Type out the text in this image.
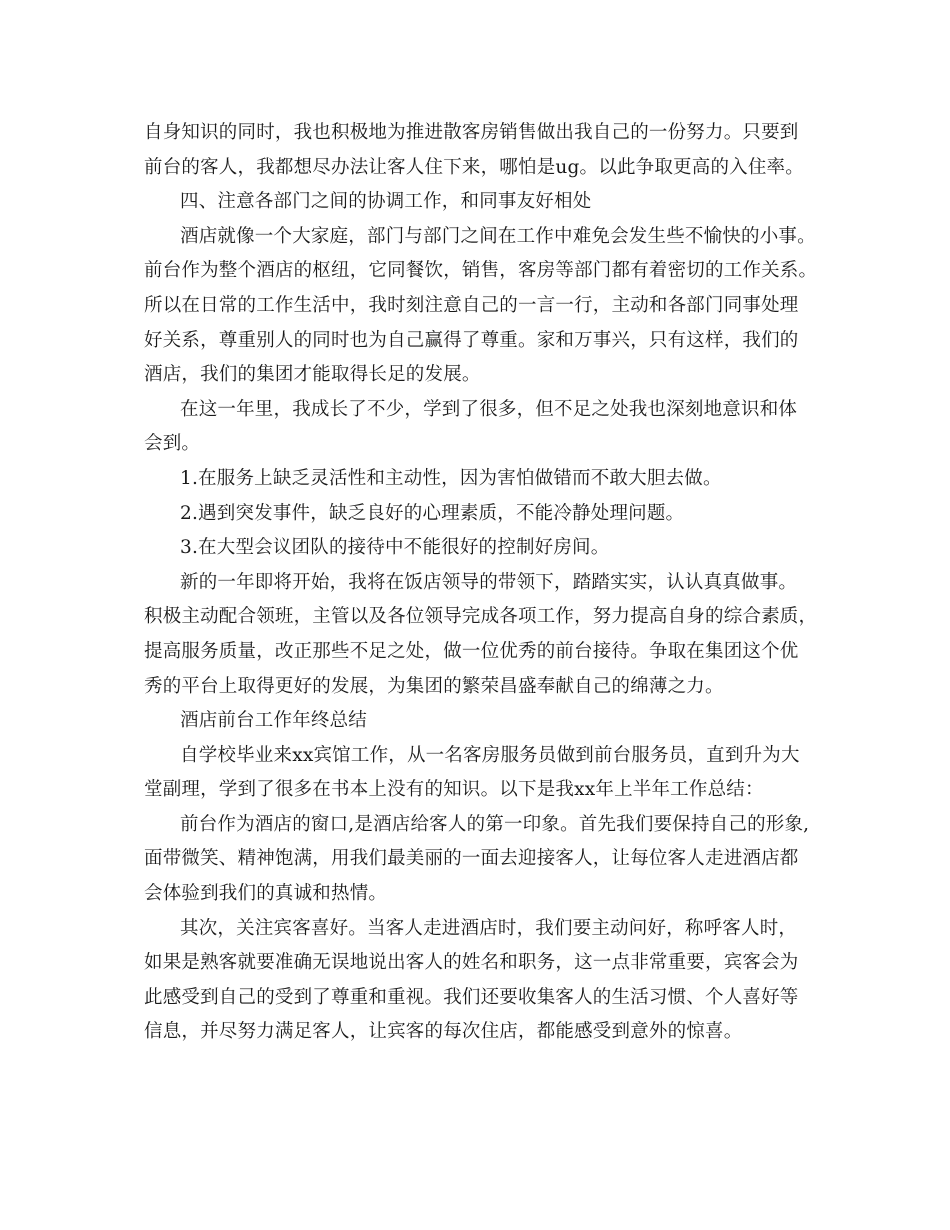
自身知识的同时，我也积极地为推进散客房销售做出我自己的一份努力。只要到
前台的客人，我都想尽办法让客人住下来，哪怕是ug。以此争取更高的入住率。
四、注意各部门之间的协调工作，和同事友好相处
酒店就像一个大家庭，部门与部门之间在工作中难免会发生些不愉快的小事。
前台作为整个酒店的枢纽，它同餐饮，销售，客房等部门都有着密切的工作关系。
所以在日常的工作生活中，我时刻注意自己的一言一行，主动和各部门同事处理
好关系，尊重别人的同时也为自己赢得了尊重。家和万事兴，只有这样，我们的
酒店，我们的集团才能取得长足的发展。
在这一年里，我成长了不少，学到了很多，但不足之处我也深刻地意识和体
会到。
1.在服务上缺乏灵活性和主动性，因为害怕做错而不敢大胆去做。
2.遇到突发事件，缺乏良好的心理素质，不能冷静处理问题。
3.在大型会议团队的接待中不能很好的控制好房间。
新的一年即将开始，我将在饭店领导的带领下，踏踏实实，认认真真做事。
积极主动配合领班，主管以及各位领导完成各项工作，努力提高自身的综合素质，
提高服务质量，改正那些不足之处，做一位优秀的前台接待。争取在集团这个优
秀的平台上取得更好的发展，为集团的繁荣昌盛奉献自己的绵薄之力。
酒店前台工作年终总结
自学校毕业来xx宾馆工作，从一名客房服务员做到前台服务员，直到升为大
堂副理，学到了很多在书本上没有的知识。以下是我xx年上半年工作总结：
前台作为酒店的窗口,是酒店给客人的第一印象。首先我们要保持自己的形象,
面带微笑、精神饱满，用我们最美丽的一面去迎接客人，让每位客人走进酒店都
会体验到我们的真诚和热情。
其次，关注宾客喜好。当客人走进酒店时，我们要主动问好，称呼客人时，
如果是熟客就要准确无误地说出客人的姓名和职务，这一点非常重要，宾客会为
此感受到自己的受到了尊重和重视。我们还要收集客人的生活习惯、个人喜好等
信息，并尽努力满足客人，让宾客的每次住店，都能感受到意外的惊喜。
